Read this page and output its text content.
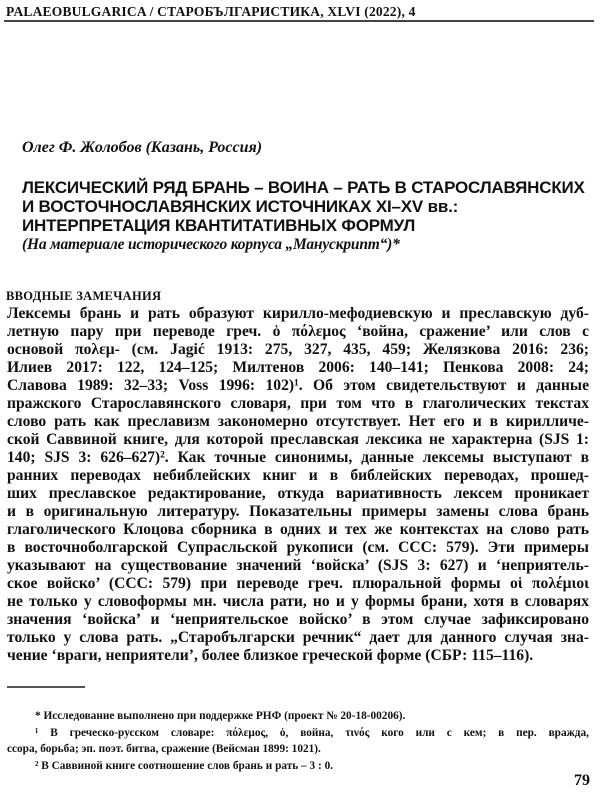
PALAEOBULGARICA / СТАРОБЪЛГАРИСТИКА, XLVI (2022), 4
Олег Ф. Жолобов (Казань, Россия)
ЛЕКСИЧЕСКИЙ РЯД БРАНЬ – ВОИНА – РАТЬ В СТАРОСЛАВЯНСКИХ
И ВОСТОЧНОСЛАВЯНСКИХ ИСТОЧНИКАХ XI–XV вв.:
ИНТЕРПРЕТАЦИЯ КВАНТИТАТИВНЫХ ФОРМУЛ
(На материале исторического корпуса „Манускрипт“)*
ВВОДНЫЕ ЗАМЕЧАНИЯ
Лексемы брань и рать образуют кирилло-мефодиевскую и преславскую дуб-
летную пару при переводе греч. ὁ πόλεμος ‘война, сражение’ или слов с
основой πολεμ- (см. Jagić 1913: 275, 327, 435, 459; Желязкова 2016: 236;
Илиев 2017: 122, 124–125; Милтенов 2006: 140–141; Пенкова 2008: 24;
Славова 1989: 32–33; Voss 1996: 102)¹. Об этом свидетельствуют и данные
пражского Старославянского словаря, при том что в глаголических текстах
слово рать как преславизм закономерно отсутствует. Нет его и в кирилличе-
ской Саввиной книге, для которой преславская лексика не характерна (SJS 1:
140; SJS 3: 626–627)². Как точные синонимы, данные лексемы выступают в
ранних переводах небиблейских книг и в библейских переводах, прошед-
ших преславское редактирование, откуда вариативность лексем проникает
и в оригинальную литературу. Показательны примеры замены слова брань
глаголического Клоцова сборника в одних и тех же контекстах на слово рать
в восточноболгарской Супрасльской рукописи (см. ССС: 579). Эти примеры
указывают на существование значений ‘войска’ (SJS 3: 627) и ‘неприятель-
ское войско’ (ССС: 579) при переводе греч. плюральной формы οἱ πολέμιοι
не только у словоформы мн. числа рати, но и у формы брани, хотя в словарях
значения ‘войска’ и ‘неприятельское войско’ в этом случае зафиксировано
только у слова рать. „Старобългарски речник“ дает для данного случая зна-
чение ‘враги, неприятели’, более близкое греческой форме (СБР: 115–116).
* Исследование выполнено при поддержке РНФ (проект № 20-18-00206).
¹ В греческо-русском словаре: πόλεμος, ὁ, война, τινός кого или с кем; в пер. вражда,
ссора, борьба; эп. поэт. битва, сражение (Вейсман 1899: 1021).
² В Саввиной книге соотношение слов брань и рать – 3 : 0.
79
